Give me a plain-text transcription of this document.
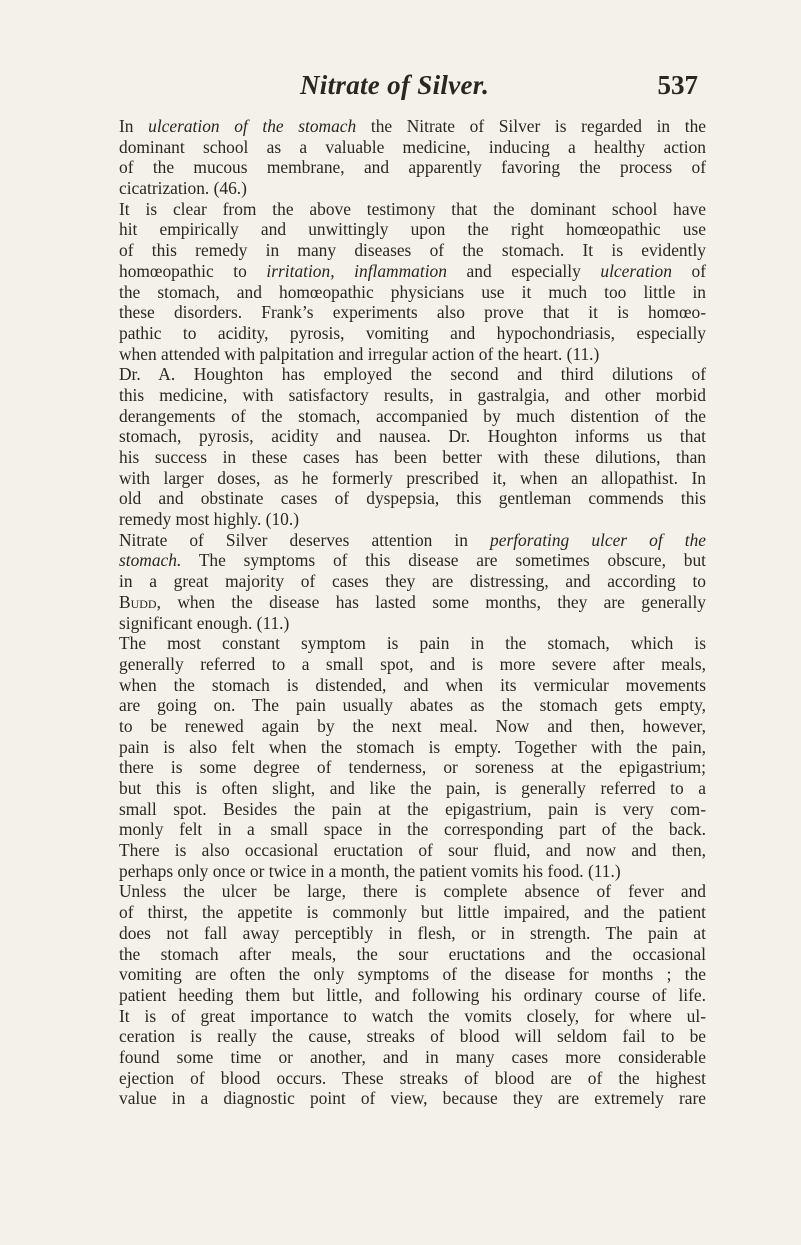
Nitrate of Silver.	537
In ulceration of the stomach the Nitrate of Silver is regarded in the
dominant school as a valuable medicine, inducing a healthy action
of the mucous membrane, and apparently favoring the process of
cicatrization. (46.)
It is clear from the above testimony that the dominant school have
hit empirically and unwittingly upon the right homœopathic use
of this remedy in many diseases of the stomach. It is evidently
homœopathic to irritation, inflammation and especially ulceration of
the stomach, and homœopathic physicians use it much too little in
these disorders. Frank’s experiments also prove that it is homœo-
pathic to acidity, pyrosis, vomiting and hypochondriasis, especially
when attended with palpitation and irregular action of the heart. (11.)
Dr. A. Houghton has employed the second and third dilutions of
this medicine, with satisfactory results, in gastralgia, and other morbid
derangements of the stomach, accompanied by much distention of the
stomach, pyrosis, acidity and nausea. Dr. Houghton informs us that
his success in these cases has been better with these dilutions, than
with larger doses, as he formerly prescribed it, when an allopathist. In
old and obstinate cases of dyspepsia, this gentleman commends this
remedy most highly. (10.)
Nitrate of Silver deserves attention in perforating ulcer of the
stomach. The symptoms of this disease are sometimes obscure, but
in a great majority of cases they are distressing, and according to
Budd, when the disease has lasted some months, they are generally
significant enough. (11.)
The most constant symptom is pain in the stomach, which is
generally referred to a small spot, and is more severe after meals,
when the stomach is distended, and when its vermicular movements
are going on. The pain usually abates as the stomach gets empty,
to be renewed again by the next meal. Now and then, however,
pain is also felt when the stomach is empty. Together with the pain,
there is some degree of tenderness, or soreness at the epigastrium;
but this is often slight, and like the pain, is generally referred to a
small spot. Besides the pain at the epigastrium, pain is very com-
monly felt in a small space in the corresponding part of the back.
There is also occasional eructation of sour fluid, and now and then,
perhaps only once or twice in a month, the patient vomits his food. (11.)
Unless the ulcer be large, there is complete absence of fever and
of thirst, the appetite is commonly but little impaired, and the patient
does not fall away perceptibly in flesh, or in strength. The pain at
the stomach after meals, the sour eructations and the occasional
vomiting are often the only symptoms of the disease for months ; the
patient heeding them but little, and following his ordinary course of life.
It is of great importance to watch the vomits closely, for where ul-
ceration is really the cause, streaks of blood will seldom fail to be
found some time or another, and in many cases more considerable
ejection of blood occurs. These streaks of blood are of the highest
value in a diagnostic point of view, because they are extremely rare
